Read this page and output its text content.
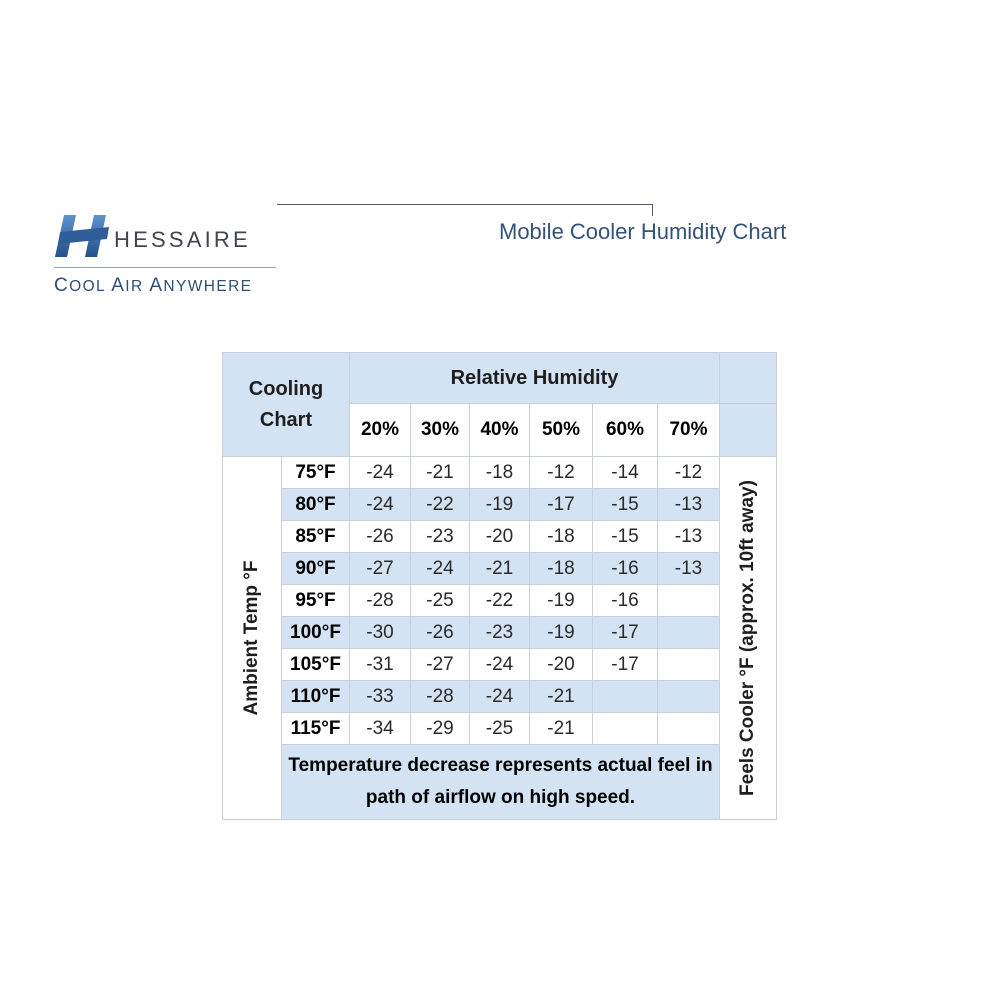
HESSAIRE
COOL AIR ANYWHERE
Mobile Cooler Humidity Chart
Cooling
Chart		Relative Humidity						
		20%	30%	40%	50%	60%	70%	

Ambient Temp °F	75°F	-24	-21	-18	-12	-14	-12	Feels Cooler °F (approx. 10ft away)

	80°F	-24	-22	-19	-17	-15	-13	
	85°F	-26	-23	-20	-18	-15	-13	
	90°F	-27	-24	-21	-18	-16	-13	
	95°F	-28	-25	-22	-19	-16		
	100°F	-30	-26	-23	-19	-17		
	105°F	-31	-27	-24	-20	-17		
	110°F	-33	-28	-24	-21			
	115°F	-34	-29	-25	-21			
	Temperature decrease represents actual feel in path of airflow on high speed.							
